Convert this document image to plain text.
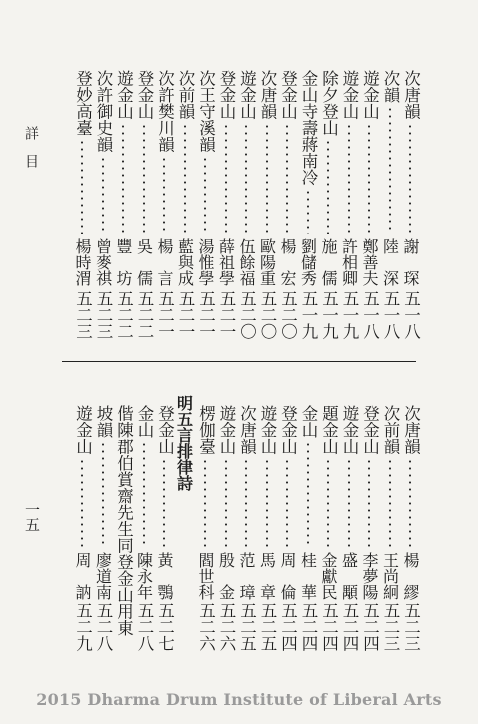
詳　目
一五
次唐韻
謝　琛
五一八
次韻
陸　深
五一八
遊金山
鄭善夫
五一八
遊金山
許相卿
五一九
除夕登山
施　儒
五一九
金山寺壽蔣南冷
劉儲秀
五一九
登金山
楊　宏
五二〇
次唐韻
歐陽重
五二〇
遊金山
伍餘福
五二〇
登金山
薛祖學
五二一
次王守溪韻
湯惟學
五二一
次前韻
藍與成
五二一
次許樊川韻
楊　言
五二一
登金山
吳　儒
五二二
遊金山
豐　坊
五二二
次許御史韻
曾麥祺
五二三
登妙高臺
楊時渭
五二三
次唐韻
楊　繆
五二三
次前韻
王尚絅
五二三
登金山
李夢陽
五二四
遊金山
盛　顒
五二四
題金山
金獻民
五二四
金山
桂　華
五二四
登金山
周　倫
五二四
遊金山
馬　章
五二五
次唐韻
范　璋
五二五
遊金山
殷　金
五二六
楞伽臺
閻世科
五二六
明五言排律詩
登金山
黃　鶚
五二七
金山
陳永年
五二八
偕陳郡伯賞齋先生同登金山用東
坡韻
廖道南
五二八
遊金山
周　訥
五二九
2015 Dharma Drum Institute of Liberal Arts
